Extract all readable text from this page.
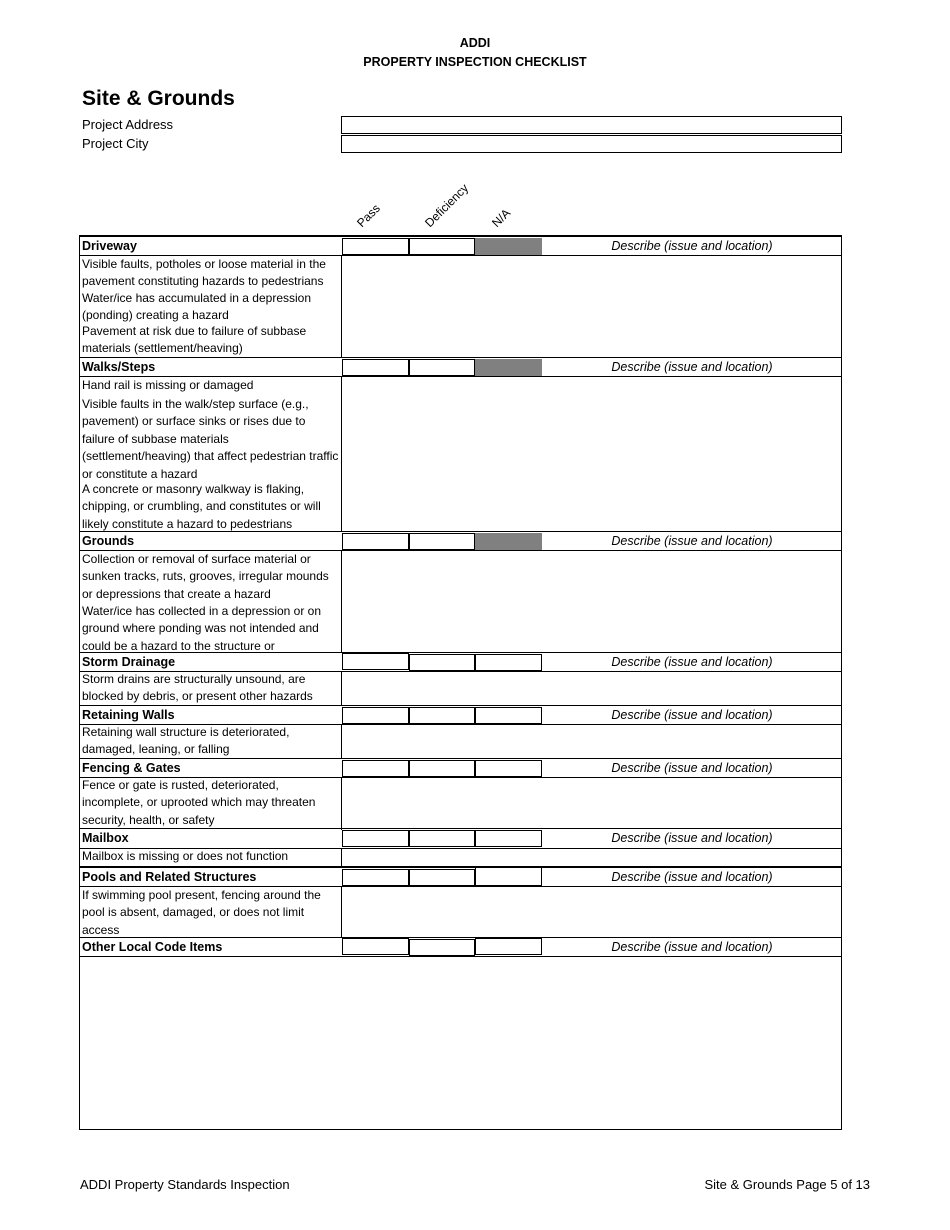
ADDI
PROPERTY INSPECTION CHECKLIST
Site & Grounds
Project Address
Project City
Pass	Deficiency N/A
Driveway	Describe (issue and location)
Visible faults, potholes or loose material in the pavement constituting hazards to pedestrians
Water/ice has accumulated in a depression (ponding) creating a hazard
Pavement at risk due to failure of subbase materials (settlement/heaving)
Walks/Steps	Describe (issue and location)
Hand rail is missing or damaged
Visible faults in the walk/step surface (e.g., pavement) or surface sinks or rises due to failure of subbase materials (settlement/heaving) that affect pedestrian traffic or constitute a hazard
A concrete or masonry walkway is flaking, chipping, or crumbling, and constitutes or will likely constitute a hazard to pedestrians
Grounds	Describe (issue and location)
Collection or removal of surface material or sunken tracks, ruts, grooves, irregular mounds or depressions that create a hazard
Water/ice has collected in a depression or on ground where ponding was not intended and could be a hazard to the structure or
Storm Drainage	Describe (issue and location)
Storm drains are structurally unsound, are blocked by debris, or present other hazards
Retaining Walls	Describe (issue and location)
Retaining wall structure is deteriorated, damaged, leaning, or falling
Fencing & Gates	Describe (issue and location)
Fence or gate is rusted, deteriorated, incomplete, or uprooted which may threaten security, health, or safety
Mailbox	Describe (issue and location)
Mailbox is missing or does not function
Pools and Related Structures	Describe (issue and location)
If swimming pool present, fencing around the pool is absent, damaged, or does not limit access
Other Local Code Items	Describe (issue and location)
ADDI Property Standards Inspection	Site & Grounds Page 5 of 13
